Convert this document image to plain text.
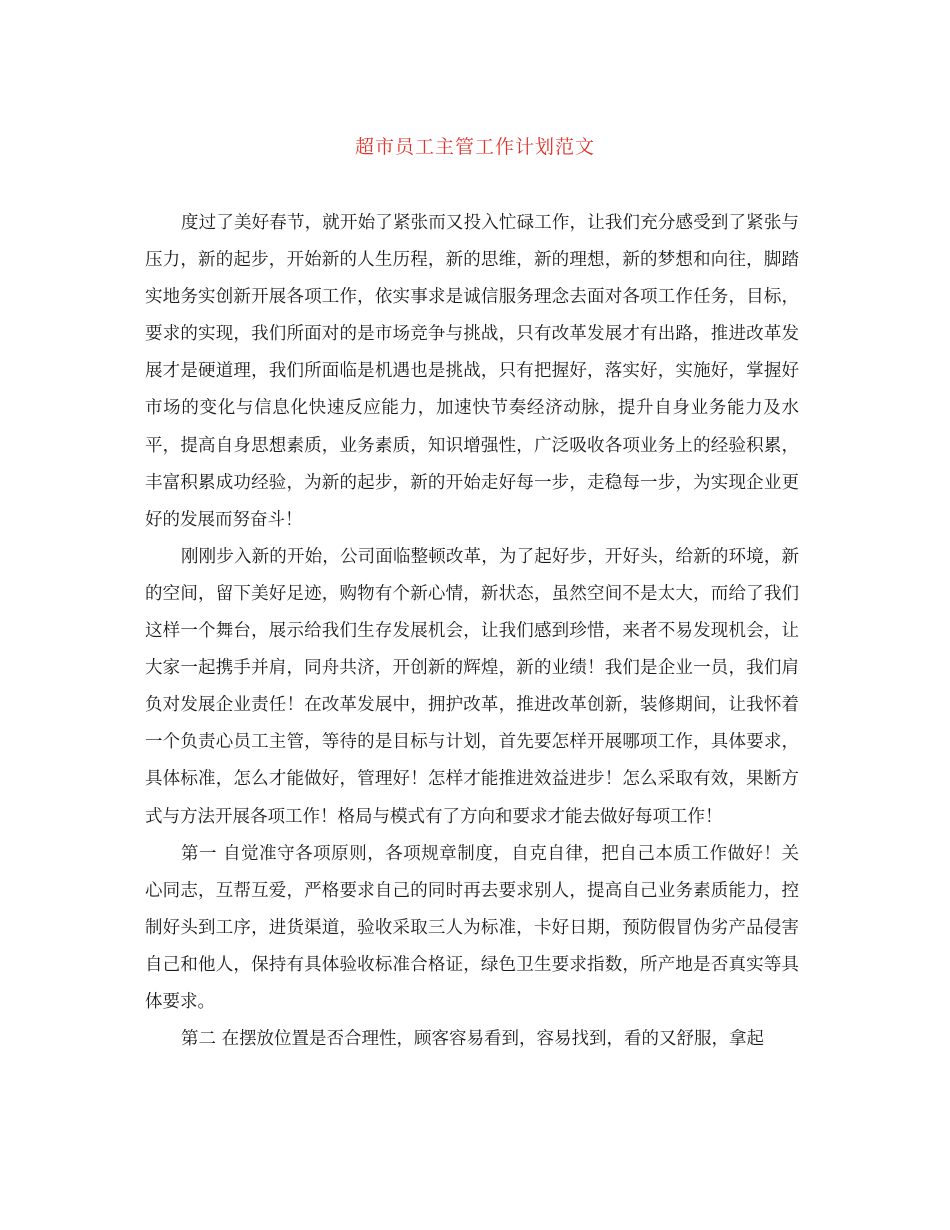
超市员工主管工作计划范文

度过了美好春节，就开始了紧张而又投入忙碌工作，让我们充分感受到了紧张与压力，新的起步，开始新的人生历程，新的思维，新的理想，新的梦想和向往，脚踏实地务实创新开展各项工作，依实事求是诚信服务理念去面对各项工作任务，目标，要求的实现，我们所面对的是市场竞争与挑战，只有改革发展才有出路，推进改革发展才是硬道理，我们所面临是机遇也是挑战，只有把握好，落实好，实施好，掌握好市场的变化与信息化快速反应能力，加速快节奏经济动脉，提升自身业务能力及水平，提高自身思想素质，业务素质，知识增强性，广泛吸收各项业务上的经验积累，丰富积累成功经验，为新的起步，新的开始走好每一步，走稳每一步，为实现企业更好的发展而努奋斗！

刚刚步入新的开始，公司面临整顿改革，为了起好步，开好头，给新的环境，新的空间，留下美好足迹，购物有个新心情，新状态，虽然空间不是太大，而给了我们这样一个舞台，展示给我们生存发展机会，让我们感到珍惜，来者不易发现机会，让大家一起携手并肩，同舟共济，开创新的辉煌，新的业绩！我们是企业一员，我们肩负对发展企业责任！在改革发展中，拥护改革，推进改革创新，装修期间，让我怀着一个负责心员工主管，等待的是目标与计划，首先要怎样开展哪项工作，具体要求，具体标准，怎么才能做好，管理好！怎样才能推进效益进步！怎么采取有效，果断方式与方法开展各项工作！格局与模式有了方向和要求才能去做好每项工作！

第一 自觉准守各项原则，各项规章制度，自克自律，把自己本质工作做好！关心同志，互帮互爱，严格要求自己的同时再去要求别人，提高自己业务素质能力，控制好头到工序，进货渠道，验收采取三人为标准，卡好日期，预防假冒伪劣产品侵害自己和他人，保持有具体验收标准合格证，绿色卫生要求指数，所产地是否真实等具体要求。

第二 在摆放位置是否合理性，顾客容易看到，容易找到，看的又舒服，拿起
